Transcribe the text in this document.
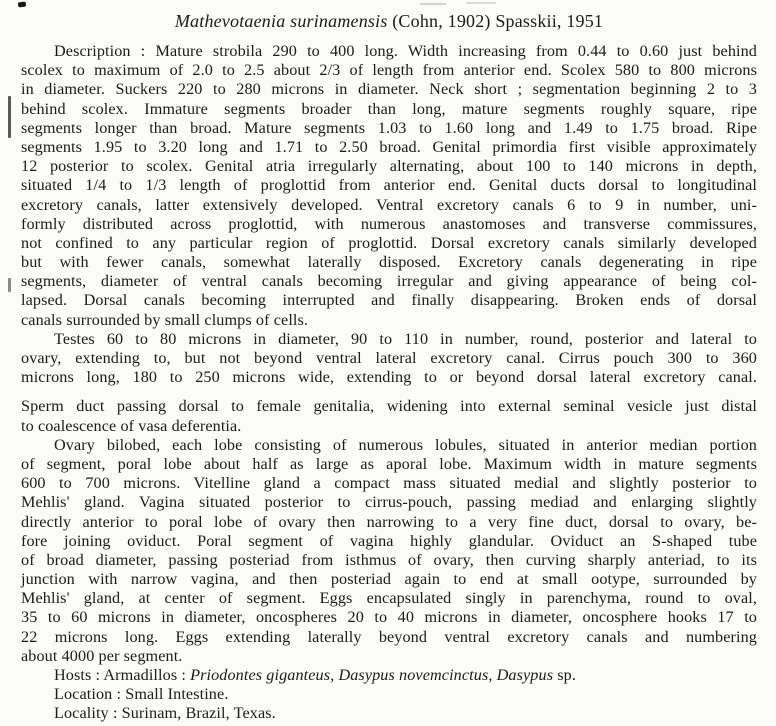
Mathevotaenia surinamensis (Cohn, 1902) Spasskii, 1951
Description : Mature strobila 290 to 400 long. Width increasing from 0.44 to 0.60 just behind
scolex to maximum of 2.0 to 2.5 about 2/3 of length from anterior end. Scolex 580 to 800 microns
in diameter. Suckers 220 to 280 microns in diameter. Neck short ; segmentation beginning 2 to 3
behind scolex. Immature segments broader than long, mature segments roughly square, ripe
segments longer than broad. Mature segments 1.03 to 1.60 long and 1.49 to 1.75 broad. Ripe
segments 1.95 to 3.20 long and 1.71 to 2.50 broad. Genital primordia first visible approximately
12 posterior to scolex. Genital atria irregularly alternating, about 100 to 140 microns in depth,
situated 1/4 to 1/3 length of proglottid from anterior end. Genital ducts dorsal to longitudinal
excretory canals, latter extensively developed. Ventral excretory canals 6 to 9 in number, uni-
formly distributed across proglottid, with numerous anastomoses and transverse commissures,
not confined to any particular region of proglottid. Dorsal excretory canals similarly developed
but with fewer canals, somewhat laterally disposed. Excretory canals degenerating in ripe
segments, diameter of ventral canals becoming irregular and giving appearance of being col-
lapsed. Dorsal canals becoming interrupted and finally disappearing. Broken ends of dorsal
canals surrounded by small clumps of cells.
Testes 60 to 80 microns in diameter, 90 to 110 in number, round, posterior and lateral to
ovary, extending to, but not beyond ventral lateral excretory canal. Cirrus pouch 300 to 360
microns long, 180 to 250 microns wide, extending to or beyond dorsal lateral excretory canal.
Sperm duct passing dorsal to female genitalia, widening into external seminal vesicle just distal
to coalescence of vasa deferentia.
Ovary bilobed, each lobe consisting of numerous lobules, situated in anterior median portion
of segment, poral lobe about half as large as aporal lobe. Maximum width in mature segments
600 to 700 microns. Vitelline gland a compact mass situated medial and slightly posterior to
Mehlis' gland. Vagina situated posterior to cirrus-pouch, passing mediad and enlarging slightly
directly anterior to poral lobe of ovary then narrowing to a very fine duct, dorsal to ovary, be-
fore joining oviduct. Poral segment of vagina highly glandular. Oviduct an S-shaped tube
of broad diameter, passing posteriad from isthmus of ovary, then curving sharply anteriad, to its
junction with narrow vagina, and then posteriad again to end at small ootype, surrounded by
Mehlis' gland, at center of segment. Eggs encapsulated singly in parenchyma, round to oval,
35 to 60 microns in diameter, oncospheres 20 to 40 microns in diameter, oncosphere hooks 17 to
22 microns long. Eggs extending laterally beyond ventral excretory canals and numbering
about 4000 per segment.
Hosts : Armadillos : Priodontes giganteus, Dasypus novemcinctus, Dasypus sp.
Location : Small Intestine.
Locality : Surinam, Brazil, Texas.
